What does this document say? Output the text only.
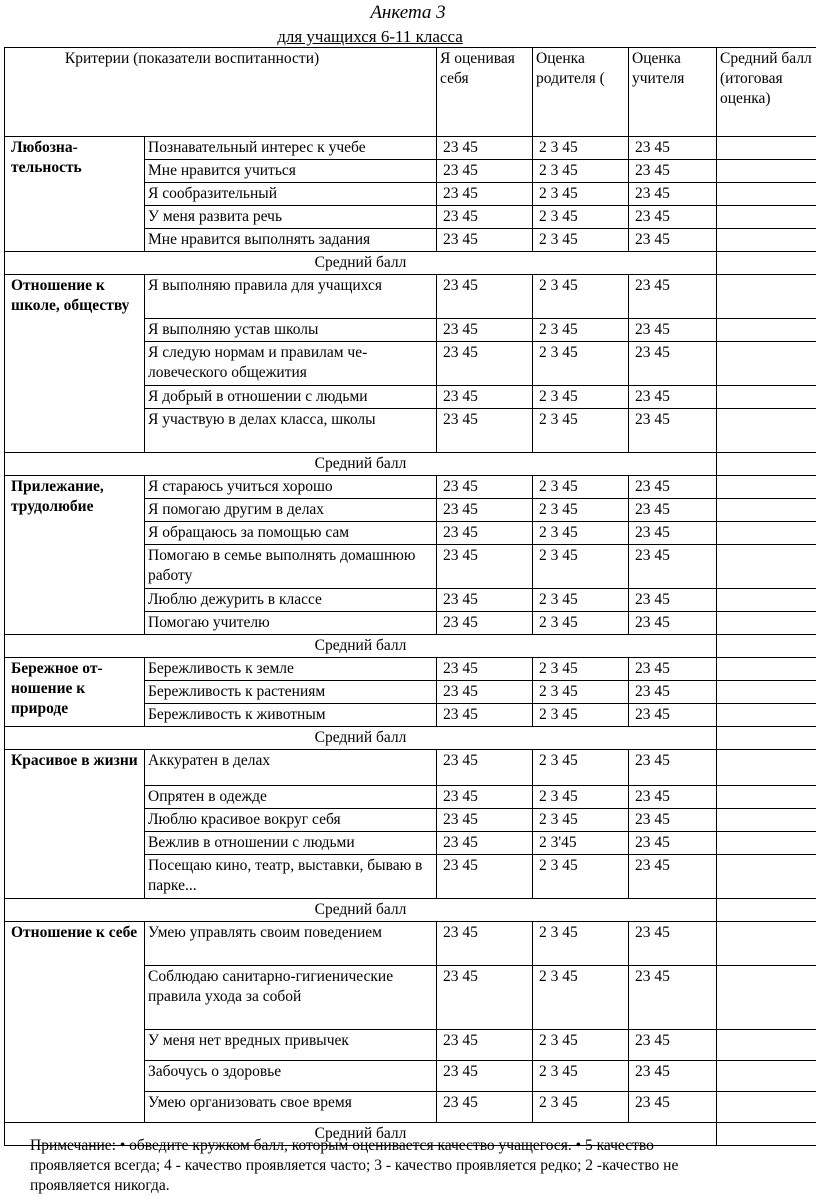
Анкета 3
для учащихся 6-11 класса
Критерии (показатели воспитанности)		Я оценивая себя	Оценка родителя (	Оценка учителя	Средний балл (итоговая оценка)
Любозна-тельность	Познавательный интерес к учебе	23 45	2 3 45	23 45	
	Мне нравится учиться	23 45	2 3 45	23 45	
	Я сообразительный	23 45	2 3 45	23 45	
	У меня развита речь	23 45	2 3 45	23 45	
	Мне нравится выполнять задания	23 45	2 3 45	23 45	
Средний балл					
Отношение к школе, обществу	Я выполняю правила для учащихся	23 45	2 3 45	23 45	
	Я выполняю устав школы	23 45	2 3 45	23 45	
	Я следую нормам и правилам че-ловеческого общежития	23 45	2 3 45	23 45	
	Я добрый в отношении с людьми	23 45	2 3 45	23 45	
	Я участвую в делах класса, школы	23 45	2 3 45	23 45	
Средний балл					
Прилежание, трудолюбие	Я стараюсь учиться хорошо	23 45	2 3 45	23 45	
	Я помогаю другим в делах	23 45	2 3 45	23 45	
	Я обращаюсь за помощью сам	23 45	2 3 45	23 45	
	Помогаю в семье выполнять домашнюю работу	23 45	2 3 45	23 45	
	Люблю дежурить в классе	23 45	2 3 45	23 45	
	Помогаю учителю	23 45	2 3 45	23 45	
Средний балл					
Бережное от-ношение к природе	Бережливость к земле	23 45	2 3 45	23 45	
	Бережливость к растениям	23 45	2 3 45	23 45	
	Бережливость к животным	23 45	2 3 45	23 45	
Средний балл					
Красивое в жизни	Аккуратен в делах	23 45	2 3 45	23 45	
	Опрятен в одежде	23 45	2 3 45	23 45	
	Люблю красивое вокруг себя	23 45	2 3 45	23 45	
	Вежлив в отношении с людьми	23 45	2 3'45	23 45	
	Посещаю кино, театр, выставки, бываю в парке...	23 45	2 3 45	23 45	
Средний балл					
Отношение к себе	Умею управлять своим поведением	23 45	2 3 45	23 45	
	Соблюдаю санитарно-гигиенические правила ухода за собой	23 45	2 3 45	23 45	
	У меня нет вредных привычек	23 45	2 3 45	23 45	
	Забочусь о здоровье	23 45	2 3 45	23 45	
	Умею организовать свое время	23 45	2 3 45	23 45	
Средний балл					
Примечание: • обведите кружком балл, которым оценивается качество учащегося. • 5 качество проявляется всегда; 4 - качество проявляется часто; 3 - качество проявляется редко; 2 -качество не проявляется никогда.
